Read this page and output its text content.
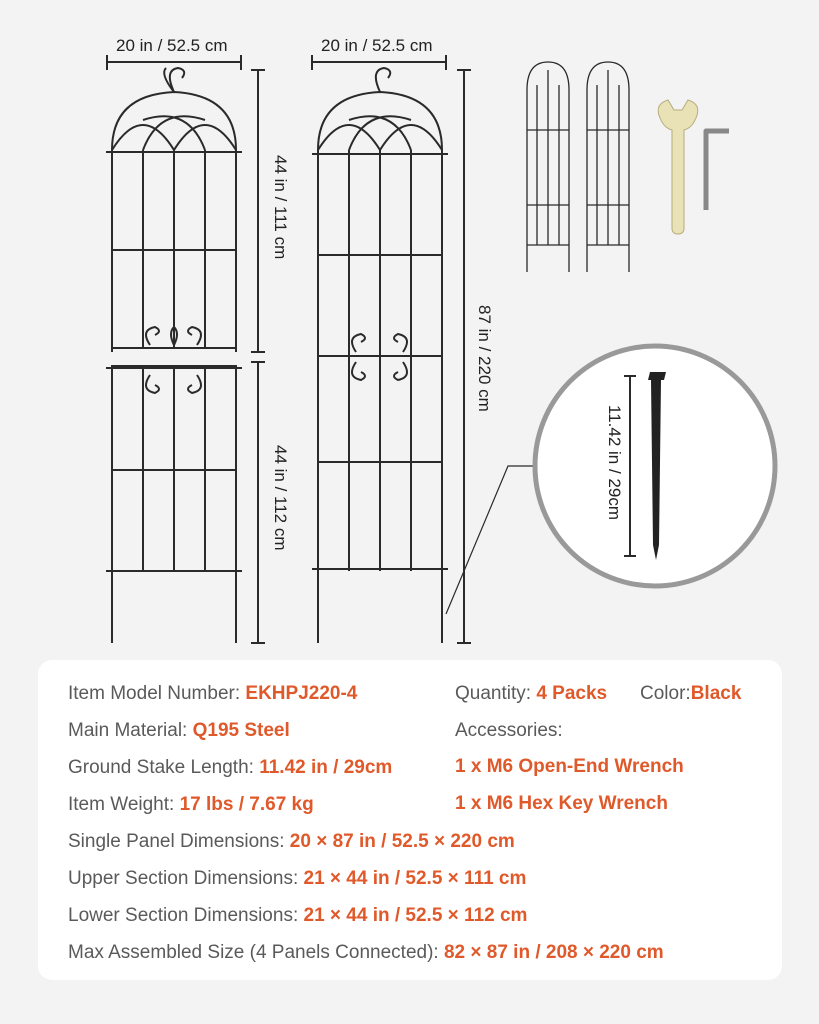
20 in / 52.5 cm	20 in / 52.5 cm
44 in / 111 cm
44 in / 112 cm
87 in / 220 cm
11.42 in / 29cm
Item Model Number: EKHPJ220-4	Quantity: 4 Packs Color:Black
Main Material: Q195 Steel	Accessories:
Ground Stake Length: 11.42 in / 29cm	1 x M6 Open-End Wrench
Item Weight: 17 lbs / 7.67 kg	1 x M6 Hex Key Wrench
Single Panel Dimensions: 20 × 87 in / 52.5 × 220 cm
Upper Section Dimensions: 21 × 44 in / 52.5 × 111 cm
Lower Section Dimensions: 21 × 44 in / 52.5 × 112 cm
Max Assembled Size (4 Panels Connected): 82 × 87 in / 208 × 220 cm
